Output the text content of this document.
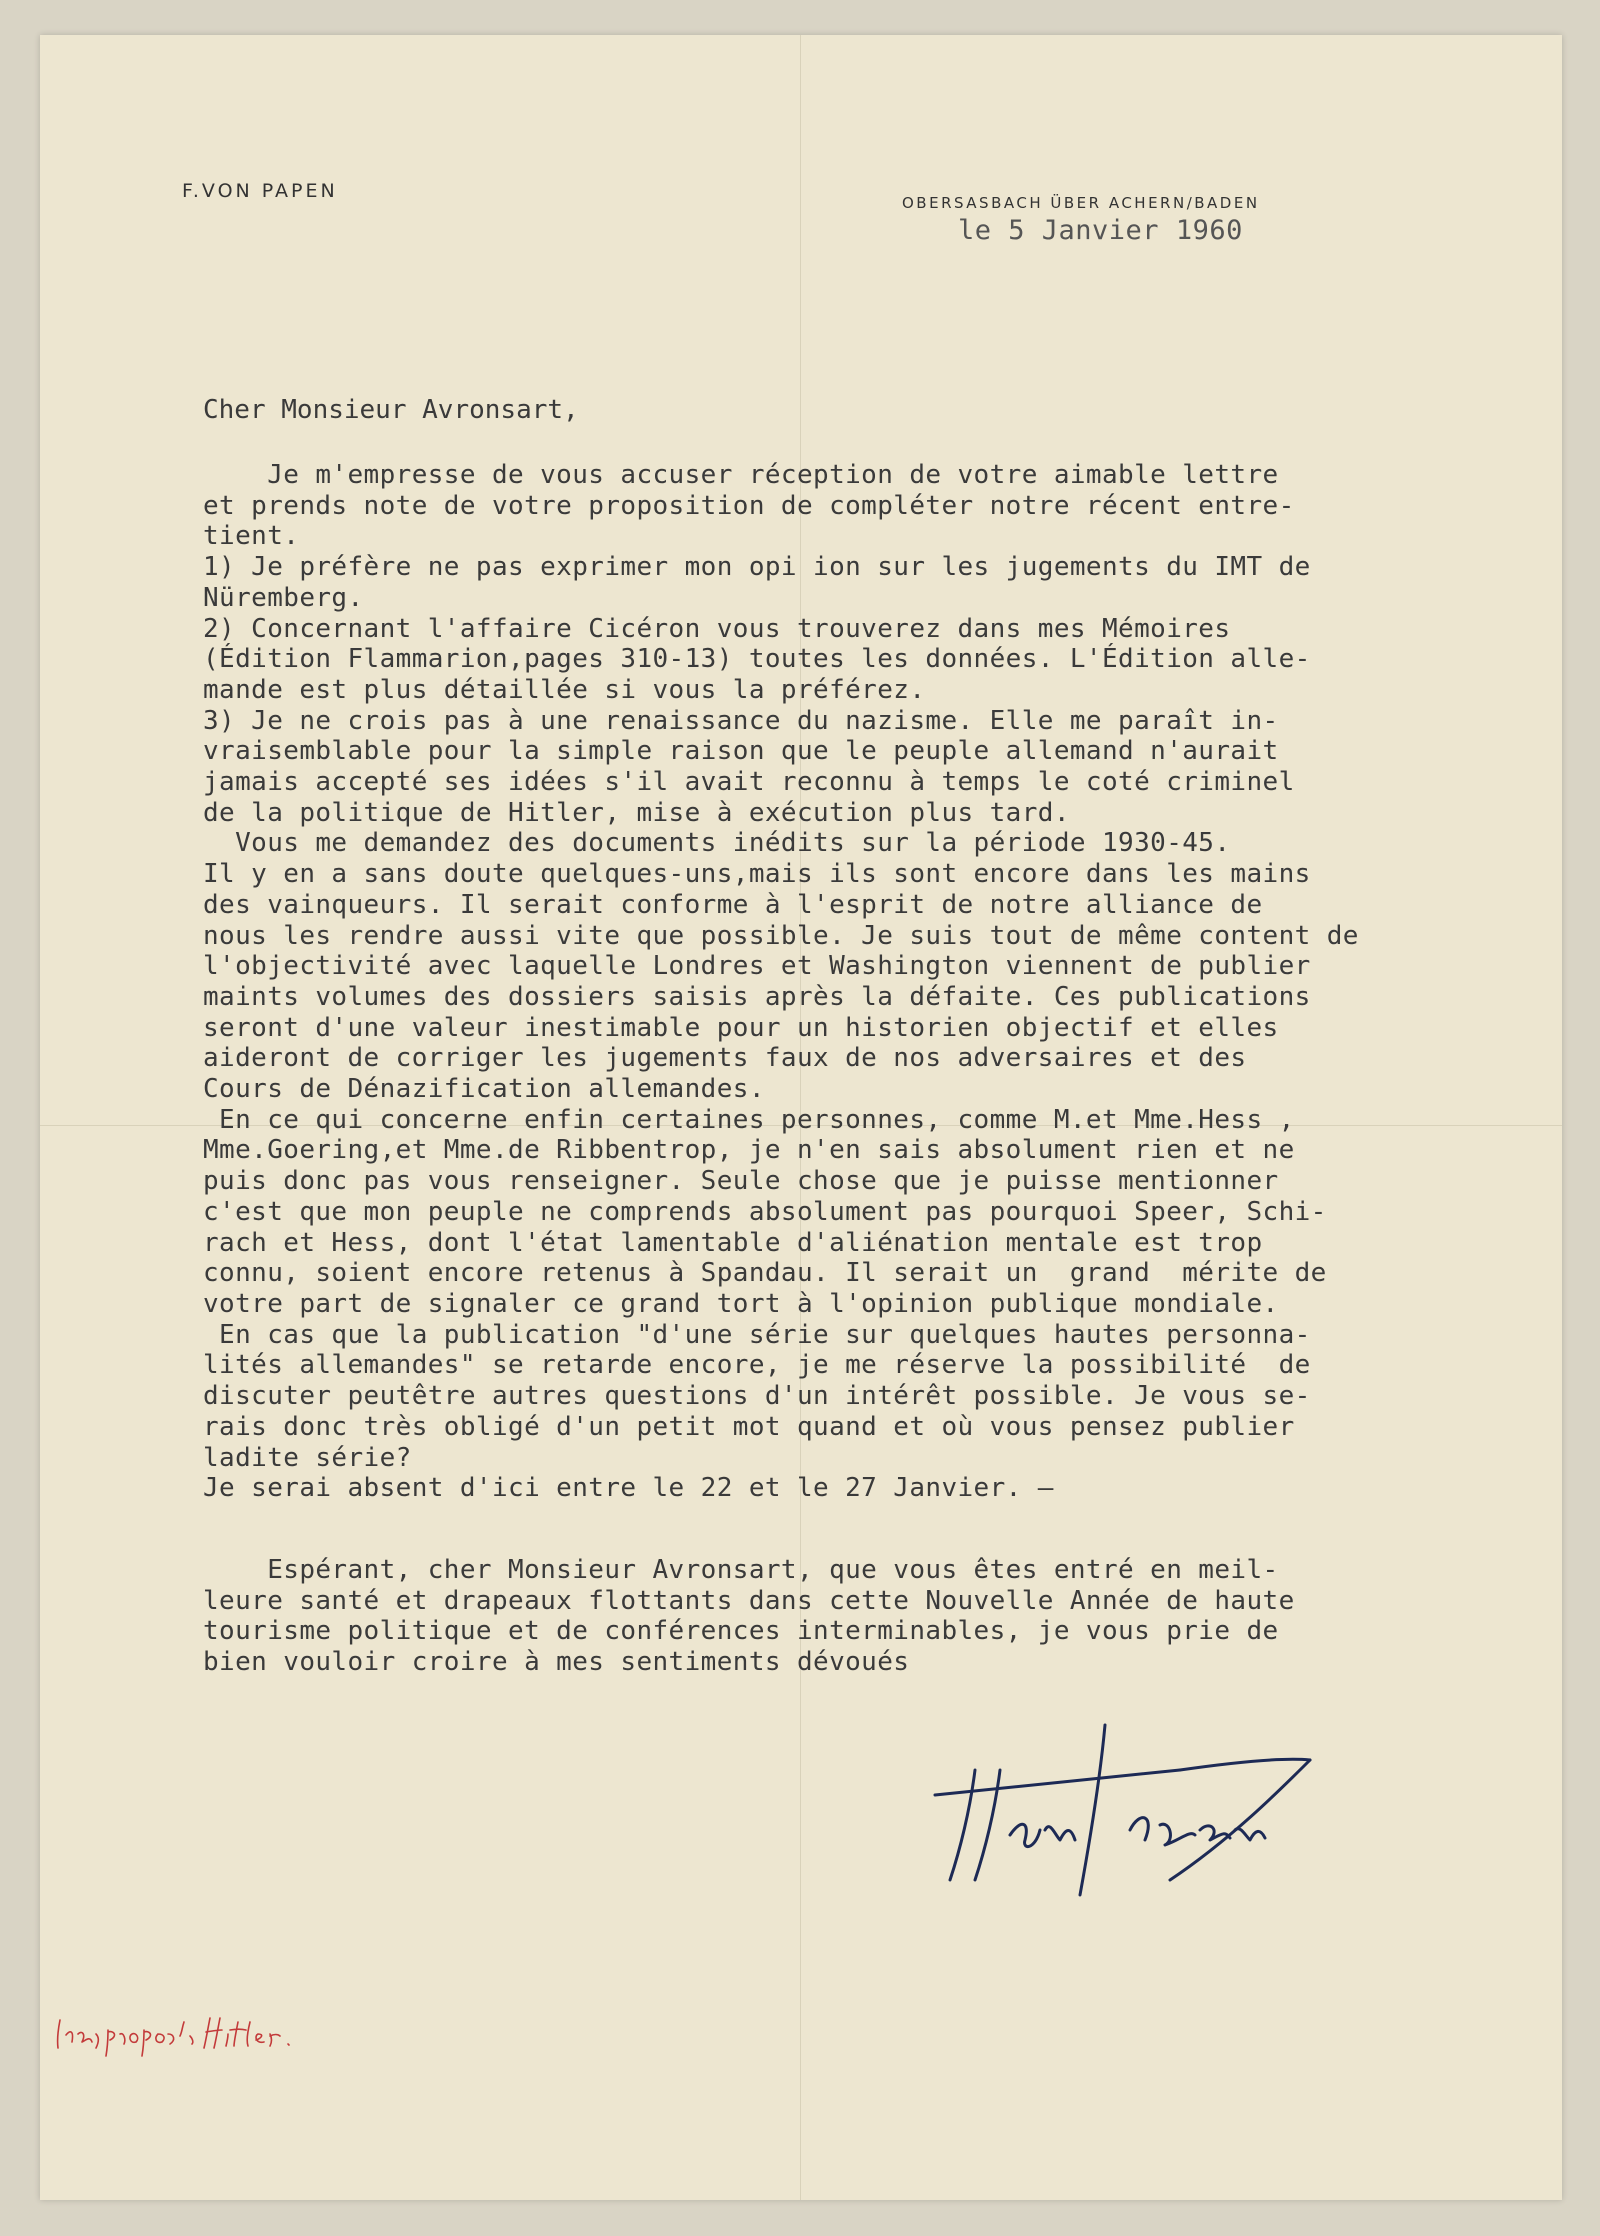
F.VON PAPEN
OBERSASBACH ÜBER ACHERN/BADEN
le 5 Janvier 1960
Cher Monsieur Avronsart,
Je m'empresse de vous accuser réception de votre aimable lettre
et prends note de votre proposition de compléter notre récent entre-
tient.
1) Je préfère ne pas exprimer mon opi ion sur les jugements du IMT de
Nüremberg.
2) Concernant l'affaire Cicéron vous trouverez dans mes Mémoires
(Édition Flammarion,pages 310-13) toutes les données. L'Édition alle-
mande est plus détaillée si vous la préférez.
3) Je ne crois pas à une renaissance du nazisme. Elle me paraît in-
vraisemblable pour la simple raison que le peuple allemand n'aurait
jamais accepté ses idées s'il avait reconnu à temps le coté criminel
de la politique de Hitler, mise à exécution plus tard.
Vous me demandez des documents inédits sur la période 1930-45.
Il y en a sans doute quelques-uns,mais ils sont encore dans les mains
des vainqueurs. Il serait conforme à l'esprit de notre alliance de
nous les rendre aussi vite que possible. Je suis tout de même content de
l'objectivité avec laquelle Londres et Washington viennent de publier
maints volumes des dossiers saisis après la défaite. Ces publications
seront d'une valeur inestimable pour un historien objectif et elles
aideront de corriger les jugements faux de nos adversaires et des
Cours de Dénazification allemandes.
En ce qui concerne enfin certaines personnes, comme M.et Mme.Hess ,
Mme.Goering,et Mme.de Ribbentrop, je n'en sais absolument rien et ne
puis donc pas vous renseigner. Seule chose que je puisse mentionner
c'est que mon peuple ne comprends absolument pas pourquoi Speer, Schi-
rach et Hess, dont l'état lamentable d'aliénation mentale est trop
connu, soient encore retenus à Spandau. Il serait un  grand  mérite de
votre part de signaler ce grand tort à l'opinion publique mondiale.
En cas que la publication "d'une série sur quelques hautes personna-
lités allemandes" se retarde encore, je me réserve la possibilité  de
discuter peutêtre autres questions d'un intérêt possible. Je vous se-
rais donc très obligé d'un petit mot quand et où vous pensez publier
ladite série?
Je serai absent d'ici entre le 22 et le 27 Janvier. —
Espérant, cher Monsieur Avronsart, que vous êtes entré en meil-
leure santé et drapeaux flottants dans cette Nouvelle Année de haute
tourisme politique et de conférences interminables, je vous prie de
bien vouloir croire à mes sentiments dévoués
